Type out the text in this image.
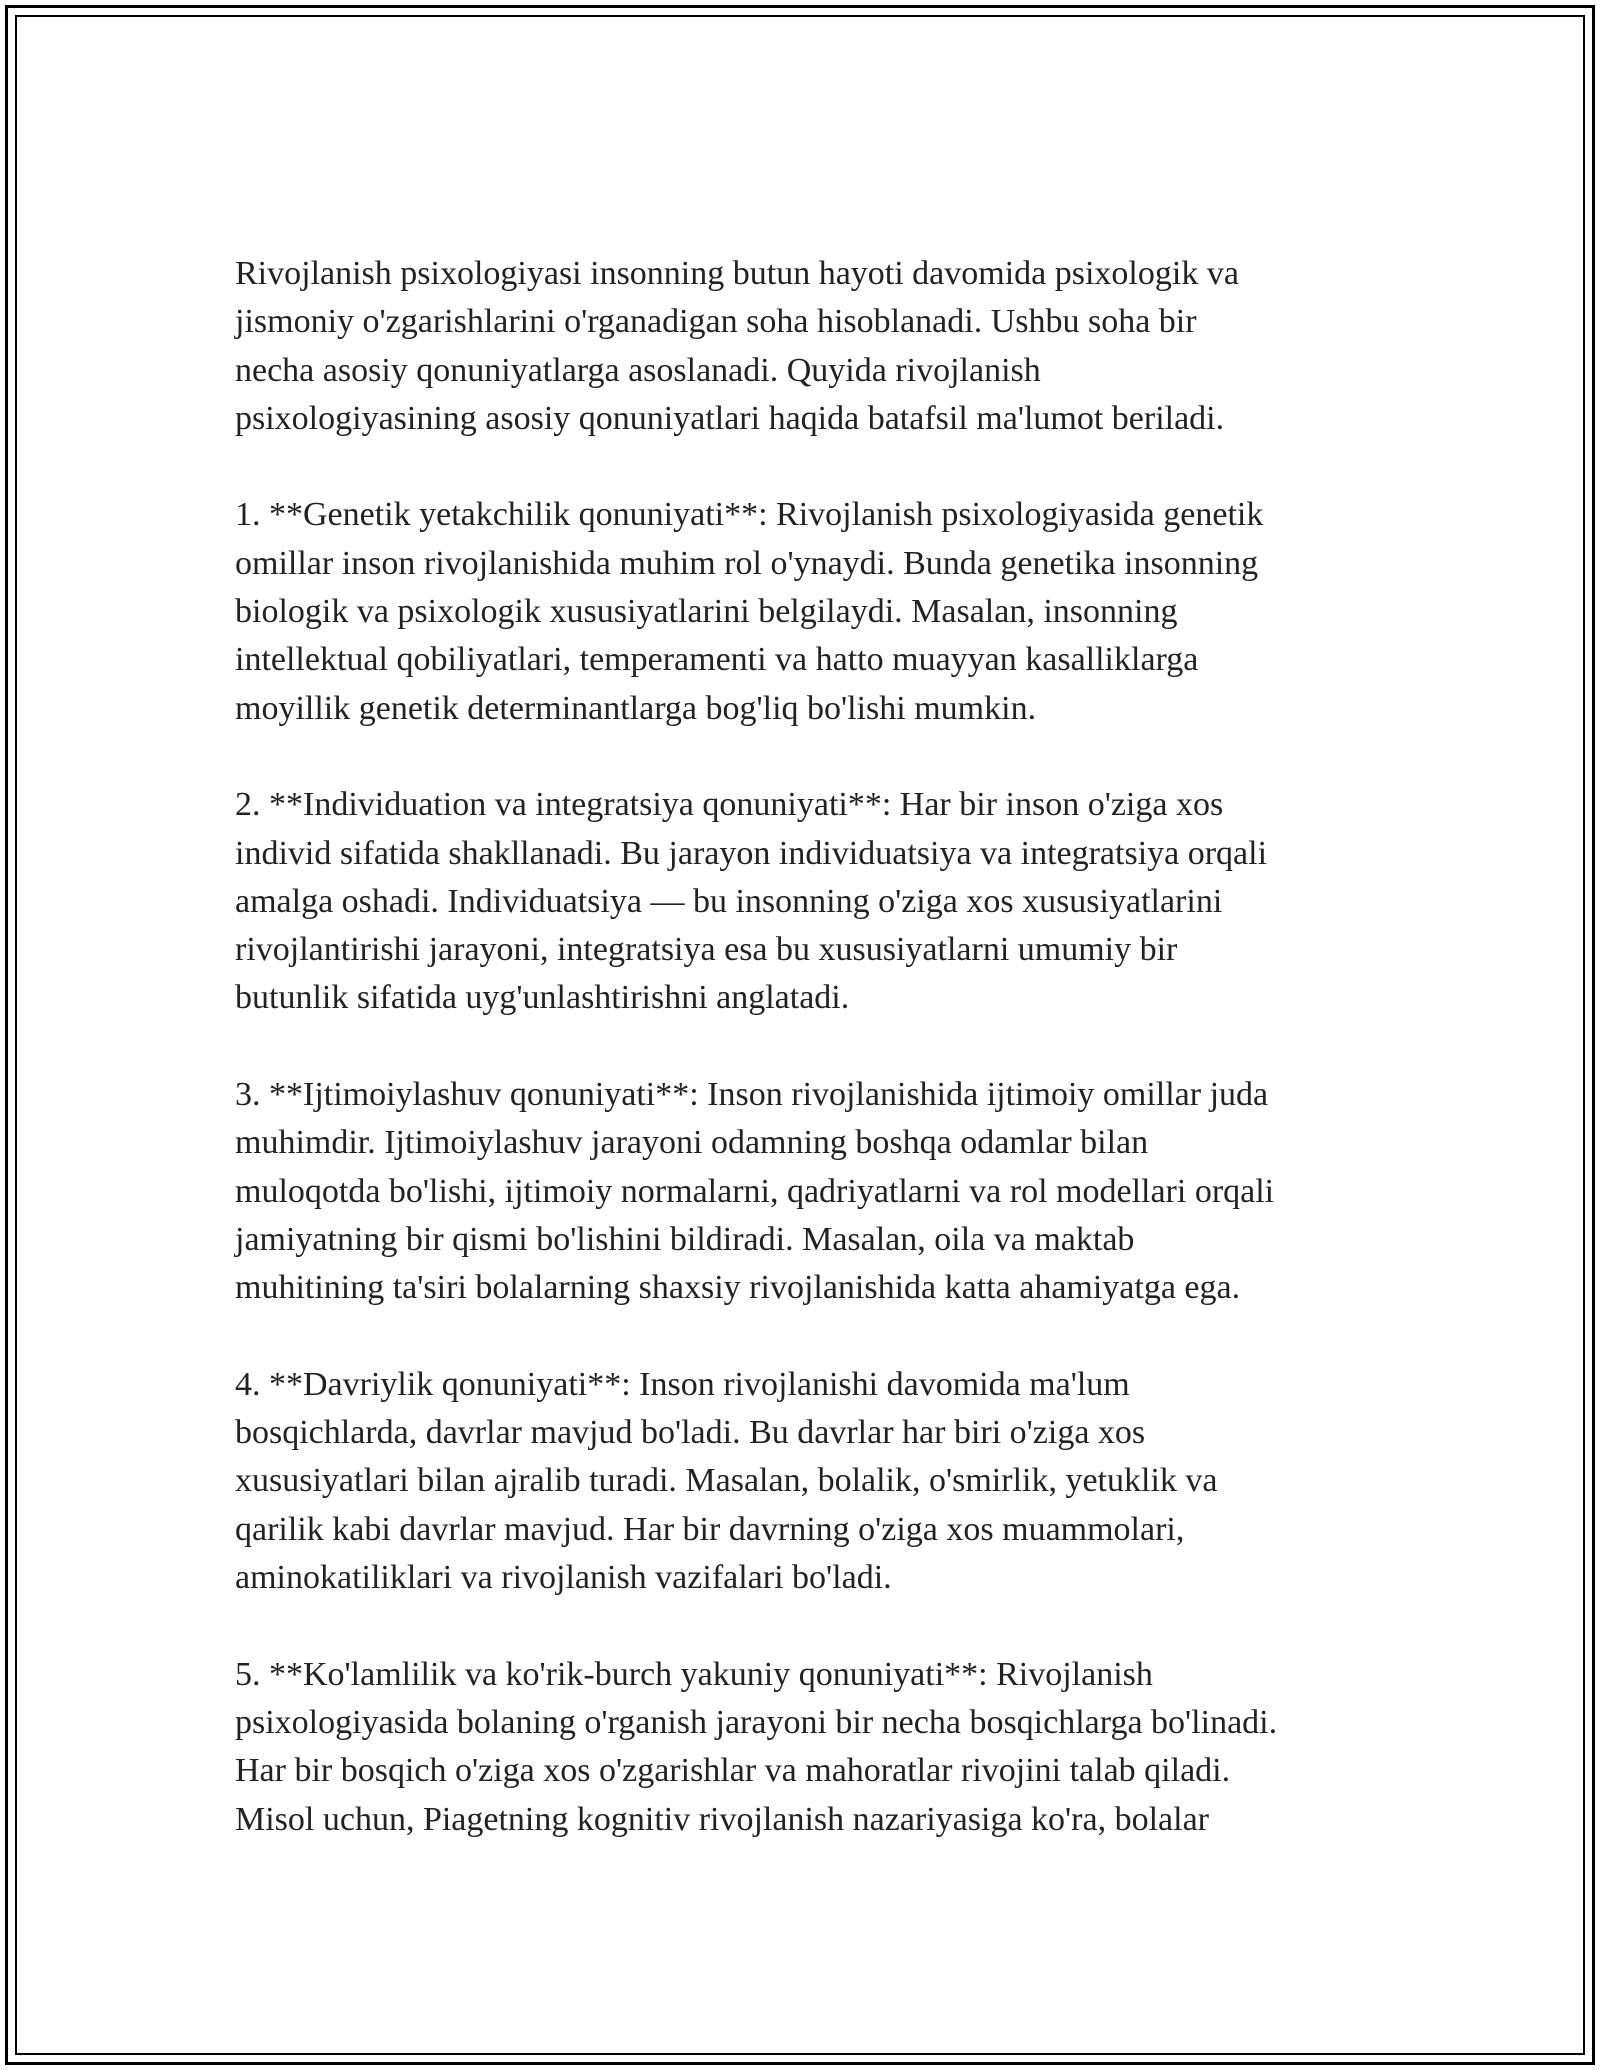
Rivojlanish psixologiyasi insonning butun hayoti davomida psixologik va
jismoniy o'zgarishlarini o'rganadigan soha hisoblanadi. Ushbu soha bir
necha asosiy qonuniyatlarga asoslanadi. Quyida rivojlanish
psixologiyasining asosiy qonuniyatlari haqida batafsil ma'lumot beriladi.

1. **Genetik yetakchilik qonuniyati**: Rivojlanish psixologiyasida genetik
omillar inson rivojlanishida muhim rol o'ynaydi. Bunda genetika insonning
biologik va psixologik xususiyatlarini belgilaydi. Masalan, insonning
intellektual qobiliyatlari, temperamenti va hatto muayyan kasalliklarga
moyillik genetik determinantlarga bog'liq bo'lishi mumkin.

2. **Individuation va integratsiya qonuniyati**: Har bir inson o'ziga xos
individ sifatida shakllanadi. Bu jarayon individuatsiya va integratsiya orqali
amalga oshadi. Individuatsiya — bu insonning o'ziga xos xususiyatlarini
rivojlantirishi jarayoni, integratsiya esa bu xususiyatlarni umumiy bir
butunlik sifatida uyg'unlashtirishni anglatadi.

3. **Ijtimoiylashuv qonuniyati**: Inson rivojlanishida ijtimoiy omillar juda
muhimdir. Ijtimoiylashuv jarayoni odamning boshqa odamlar bilan
muloqotda bo'lishi, ijtimoiy normalarni, qadriyatlarni va rol modellari orqali
jamiyatning bir qismi bo'lishini bildiradi. Masalan, oila va maktab
muhitining ta'siri bolalarning shaxsiy rivojlanishida katta ahamiyatga ega.

4. **Davriylik qonuniyati**: Inson rivojlanishi davomida ma'lum
bosqichlarda, davrlar mavjud bo'ladi. Bu davrlar har biri o'ziga xos
xususiyatlari bilan ajralib turadi. Masalan, bolalik, o'smirlik, yetuklik va
qarilik kabi davrlar mavjud. Har bir davrning o'ziga xos muammolari,
aminokatiliklari va rivojlanish vazifalari bo'ladi.

5. **Ko'lamlilik va ko'rik-burch yakuniy qonuniyati**: Rivojlanish
psixologiyasida bolaning o'rganish jarayoni bir necha bosqichlarga bo'linadi.
Har bir bosqich o'ziga xos o'zgarishlar va mahoratlar rivojini talab qiladi.
Misol uchun, Piagetning kognitiv rivojlanish nazariyasiga ko'ra, bolalar
